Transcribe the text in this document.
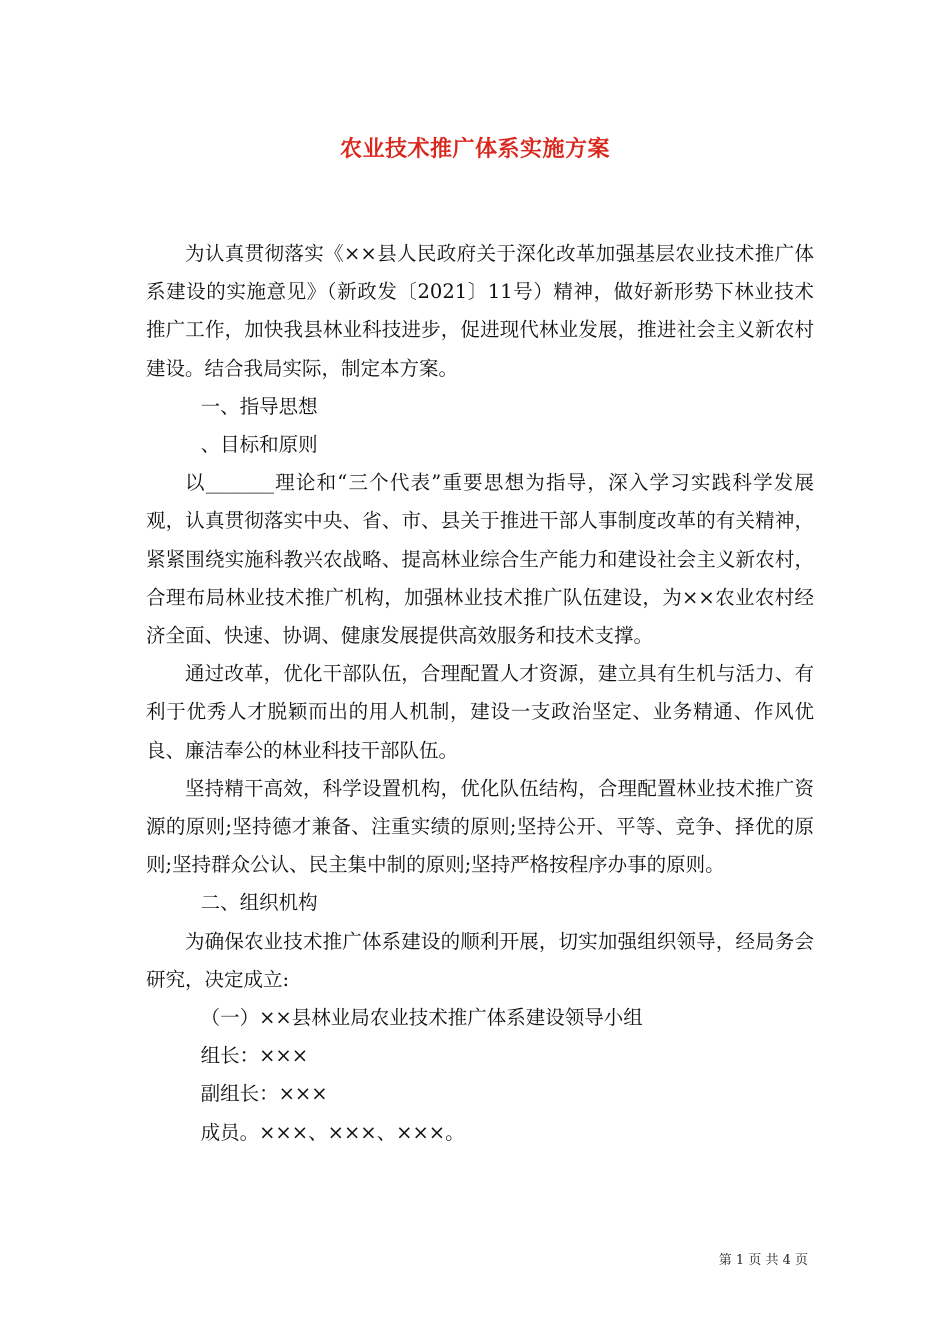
农业技术推广体系实施方案

为认真贯彻落实《××县人民政府关于深化改革加强基层农业技术推广体系建设的实施意见》（新政发〔2021〕11号）精神，做好新形势下林业技术推广工作，加快我县林业科技进步，促进现代林业发展，推进社会主义新农村建设。结合我局实际，制定本方案。

一、指导思想

、目标和原则

以_______理论和“三个代表”重要思想为指导，深入学习实践科学发展观，认真贯彻落实中央、省、市、县关于推进干部人事制度改革的有关精神，紧紧围绕实施科教兴农战略、提高林业综合生产能力和建设社会主义新农村，合理布局林业技术推广机构，加强林业技术推广队伍建设，为××农业农村经济全面、快速、协调、健康发展提供高效服务和技术支撑。

通过改革，优化干部队伍，合理配置人才资源，建立具有生机与活力、有利于优秀人才脱颖而出的用人机制，建设一支政治坚定、业务精通、作风优良、廉洁奉公的林业科技干部队伍。

坚持精干高效，科学设置机构，优化队伍结构，合理配置林业技术推广资源的原则;坚持德才兼备、注重实绩的原则;坚持公开、平等、竞争、择优的原则;坚持群众公认、民主集中制的原则;坚持严格按程序办事的原则。

二、组织机构

为确保农业技术推广体系建设的顺利开展，切实加强组织领导，经局务会研究，决定成立:

（一）××县林业局农业技术推广体系建设领导小组

组长：×××

副组长：×××

成员。×××、×××、×××。

第 1 页 共 4 页
